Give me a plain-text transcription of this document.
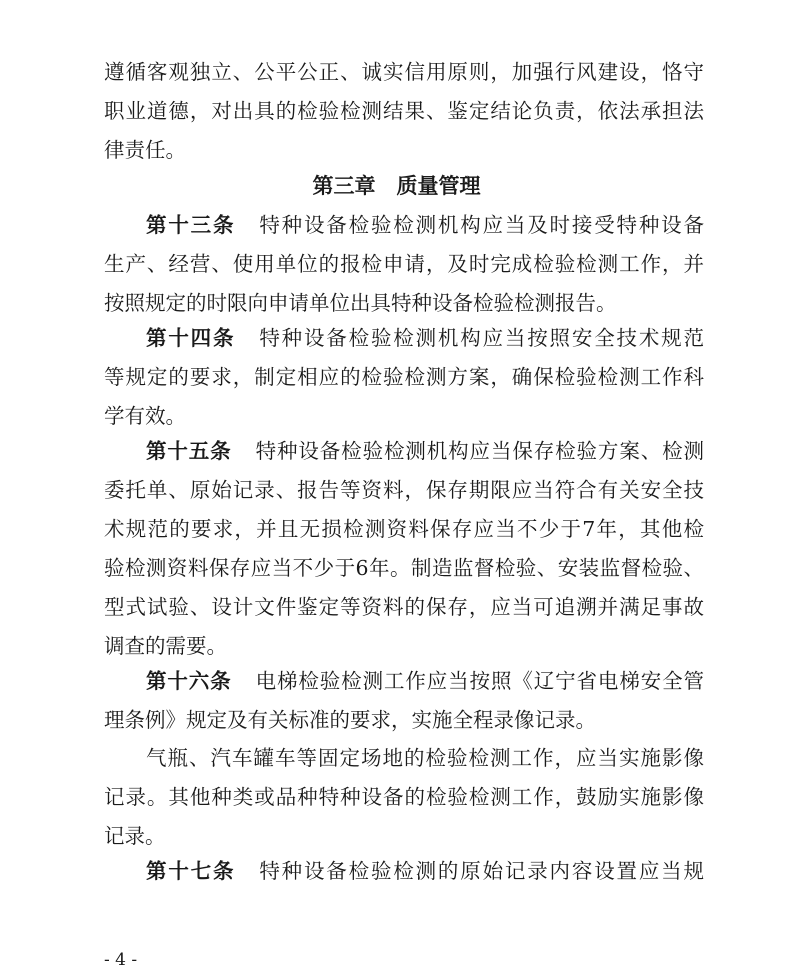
遵循客观独立、公平公正、诚实信用原则，加强行风建设，恪守
职业道德，对出具的检验检测结果、鉴定结论负责，依法承担法
律责任。
第三章　质量管理
第十三条 特种设备检验检测机构应当及时接受特种设备
生产、经营、使用单位的报检申请，及时完成检验检测工作，并
按照规定的时限向申请单位出具特种设备检验检测报告。
第十四条 特种设备检验检测机构应当按照安全技术规范
等规定的要求，制定相应的检验检测方案，确保检验检测工作科
学有效。
第十五条 特种设备检验检测机构应当保存检验方案、检测
委托单、原始记录、报告等资料，保存期限应当符合有关安全技
术规范的要求，并且无损检测资料保存应当不少于7年，其他检
验检测资料保存应当不少于6年。制造监督检验、安装监督检验、
型式试验、设计文件鉴定等资料的保存，应当可追溯并满足事故
调查的需要。
第十六条 电梯检验检测工作应当按照《辽宁省电梯安全管
理条例》规定及有关标准的要求，实施全程录像记录。
气瓶、汽车罐车等固定场地的检验检测工作，应当实施影像
记录。其他种类或品种特种设备的检验检测工作，鼓励实施影像
记录。
第十七条 特种设备检验检测的原始记录内容设置应当规
- 4 -
